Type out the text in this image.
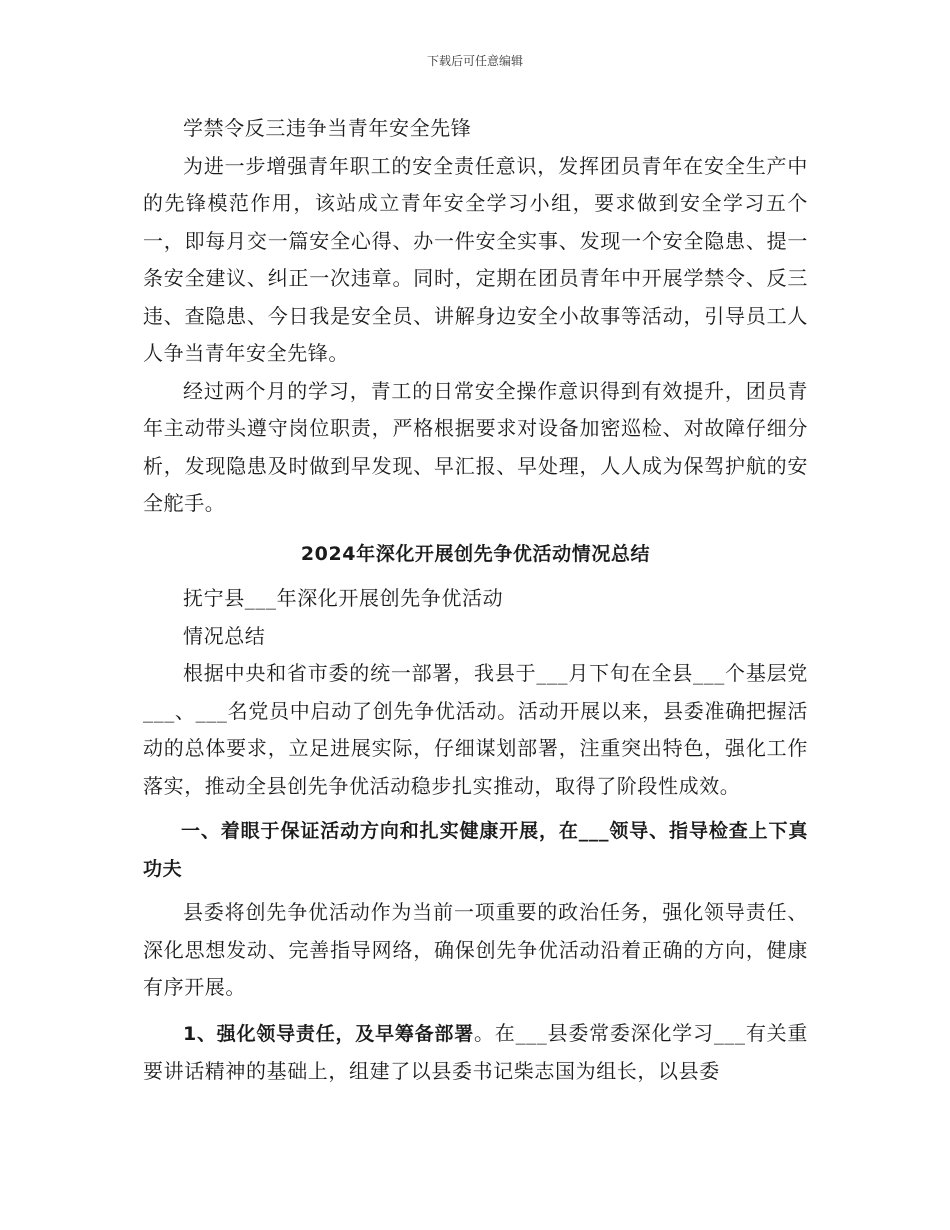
下载后可任意编辑

学禁令反三违争当青年安全先锋

为进一步增强青年职工的安全责任意识，发挥团员青年在安全生产中的先锋模范作用，该站成立青年安全学习小组，要求做到安全学习五个一，即每月交一篇安全心得、办一件安全实事、发现一个安全隐患、提一条安全建议、纠正一次违章。同时，定期在团员青年中开展学禁令、反三违、查隐患、今日我是安全员、讲解身边安全小故事等活动，引导员工人人争当青年安全先锋。

经过两个月的学习，青工的日常安全操作意识得到有效提升，团员青年主动带头遵守岗位职责，严格根据要求对设备加密巡检、对故障仔细分析，发现隐患及时做到早发现、早汇报、早处理，人人成为保驾护航的安全舵手。

2024年深化开展创先争优活动情况总结

抚宁县___年深化开展创先争优活动

情况总结

根据中央和省市委的统一部署，我县于___月下旬在全县___个基层党___、___名党员中启动了创先争优活动。活动开展以来，县委准确把握活动的总体要求，立足进展实际，仔细谋划部署，注重突出特色，强化工作落实，推动全县创先争优活动稳步扎实推动，取得了阶段性成效。

一、着眼于保证活动方向和扎实健康开展，在___领导、指导检查上下真功夫

县委将创先争优活动作为当前一项重要的政治任务，强化领导责任、深化思想发动、完善指导网络，确保创先争优活动沿着正确的方向，健康有序开展。

1、强化领导责任，及早筹备部署。在___县委常委深化学习___有关重要讲话精神的基础上，组建了以县委书记柴志国为组长，以县委
